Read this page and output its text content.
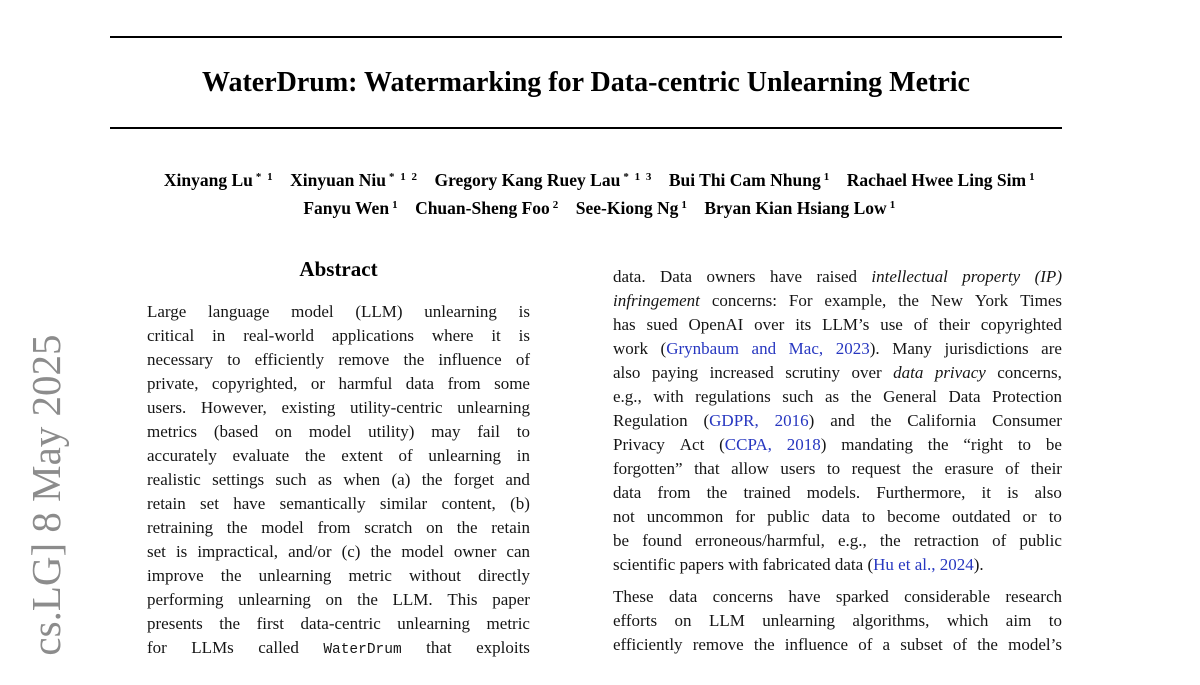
cs.LG] 8 May 2025
WaterDrum: Watermarking for Data-centric Unlearning Metric
Xinyang Lu $^{* 1}$ Xinyuan Niu $^{* 1 2}$ Gregory Kang Ruey Lau $^{* 1 3}$ Bui Thi Cam Nhung $^1$ Rachael Hwee Ling Sim $^1$
Fanyu Wen $^1$ Chuan-Sheng Foo $^2$ See-Kiong Ng $^1$ Bryan Kian Hsiang Low $^1$
Abstract
Large language model (LLM) unlearning is
critical in real-world applications where it is
necessary to efficiently remove the influence of
private, copyrighted, or harmful data from some
users. However, existing utility-centric unlearning
metrics (based on model utility) may fail to
accurately evaluate the extent of unlearning in
realistic settings such as when (a) the forget and
retain set have semantically similar content, (b)
retraining the model from scratch on the retain
set is impractical, and/or (c) the model owner can
improve the unlearning metric without directly
performing unlearning on the LLM. This paper
presents the first data-centric unlearning metric
for LLMs called WaterDrum that exploits
data. Data owners have raised intellectual property (IP)
infringement concerns: For example, the New York Times
has sued OpenAI over its LLM’s use of their copyrighted
work (Grynbaum and Mac, 2023). Many jurisdictions are
also paying increased scrutiny over data privacy concerns,
e.g., with regulations such as the General Data Protection
Regulation (GDPR, 2016) and the California Consumer
Privacy Act (CCPA, 2018) mandating the “right to be
forgotten” that allow users to request the erasure of their
data from the trained models. Furthermore, it is also
not uncommon for public data to become outdated or to
be found erroneous/harmful, e.g., the retraction of public
scientific papers with fabricated data (Hu et al., 2024).
These data concerns have sparked considerable research
efforts on LLM unlearning algorithms, which aim to
efficiently remove the influence of a subset of the model’s
